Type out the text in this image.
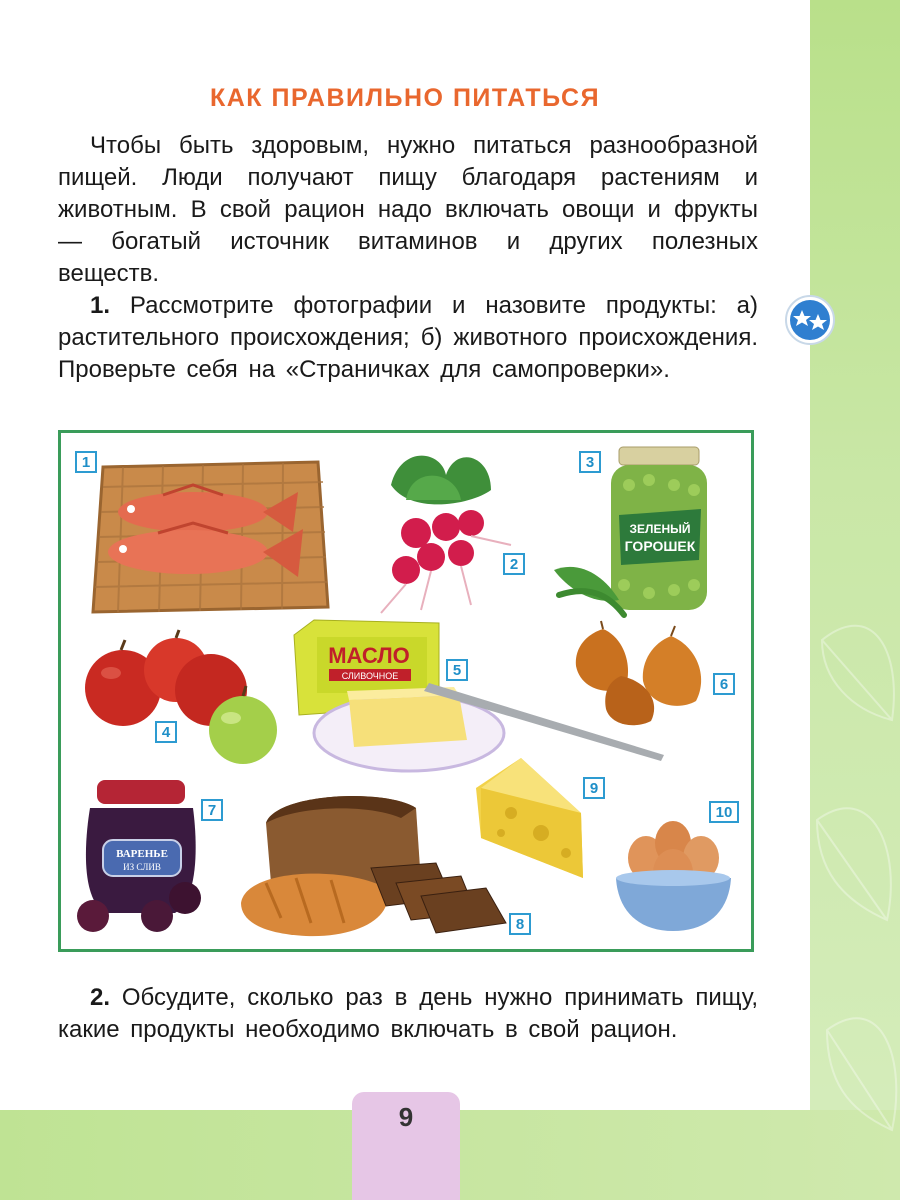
КАК ПРАВИЛЬНО ПИТАТЬСЯ

Чтобы быть здоровым, нужно питаться разнообразной пищей. Люди получают пищу благодаря растениям и животным. В свой рацион надо включать овощи и фрукты — богатый источник витаминов и других полезных веществ.

1. Рассмотрите фотографии и назовите продукты: а) растительного происхождения; б) животного происхождения. Проверьте себя на «Страничках для самопроверки».

1
2
ЗЕЛЕНЫЙ
ГОРОШЕК
3
4
МАСЛО
СЛИВОЧНОЕ	5
6
ВАРЕНЬЕ
ИЗ СЛИВ
7
8
9
10

2. Обсудите, сколько раз в день нужно принимать пищу, какие продукты необходимо включать в свой рацион.

9
